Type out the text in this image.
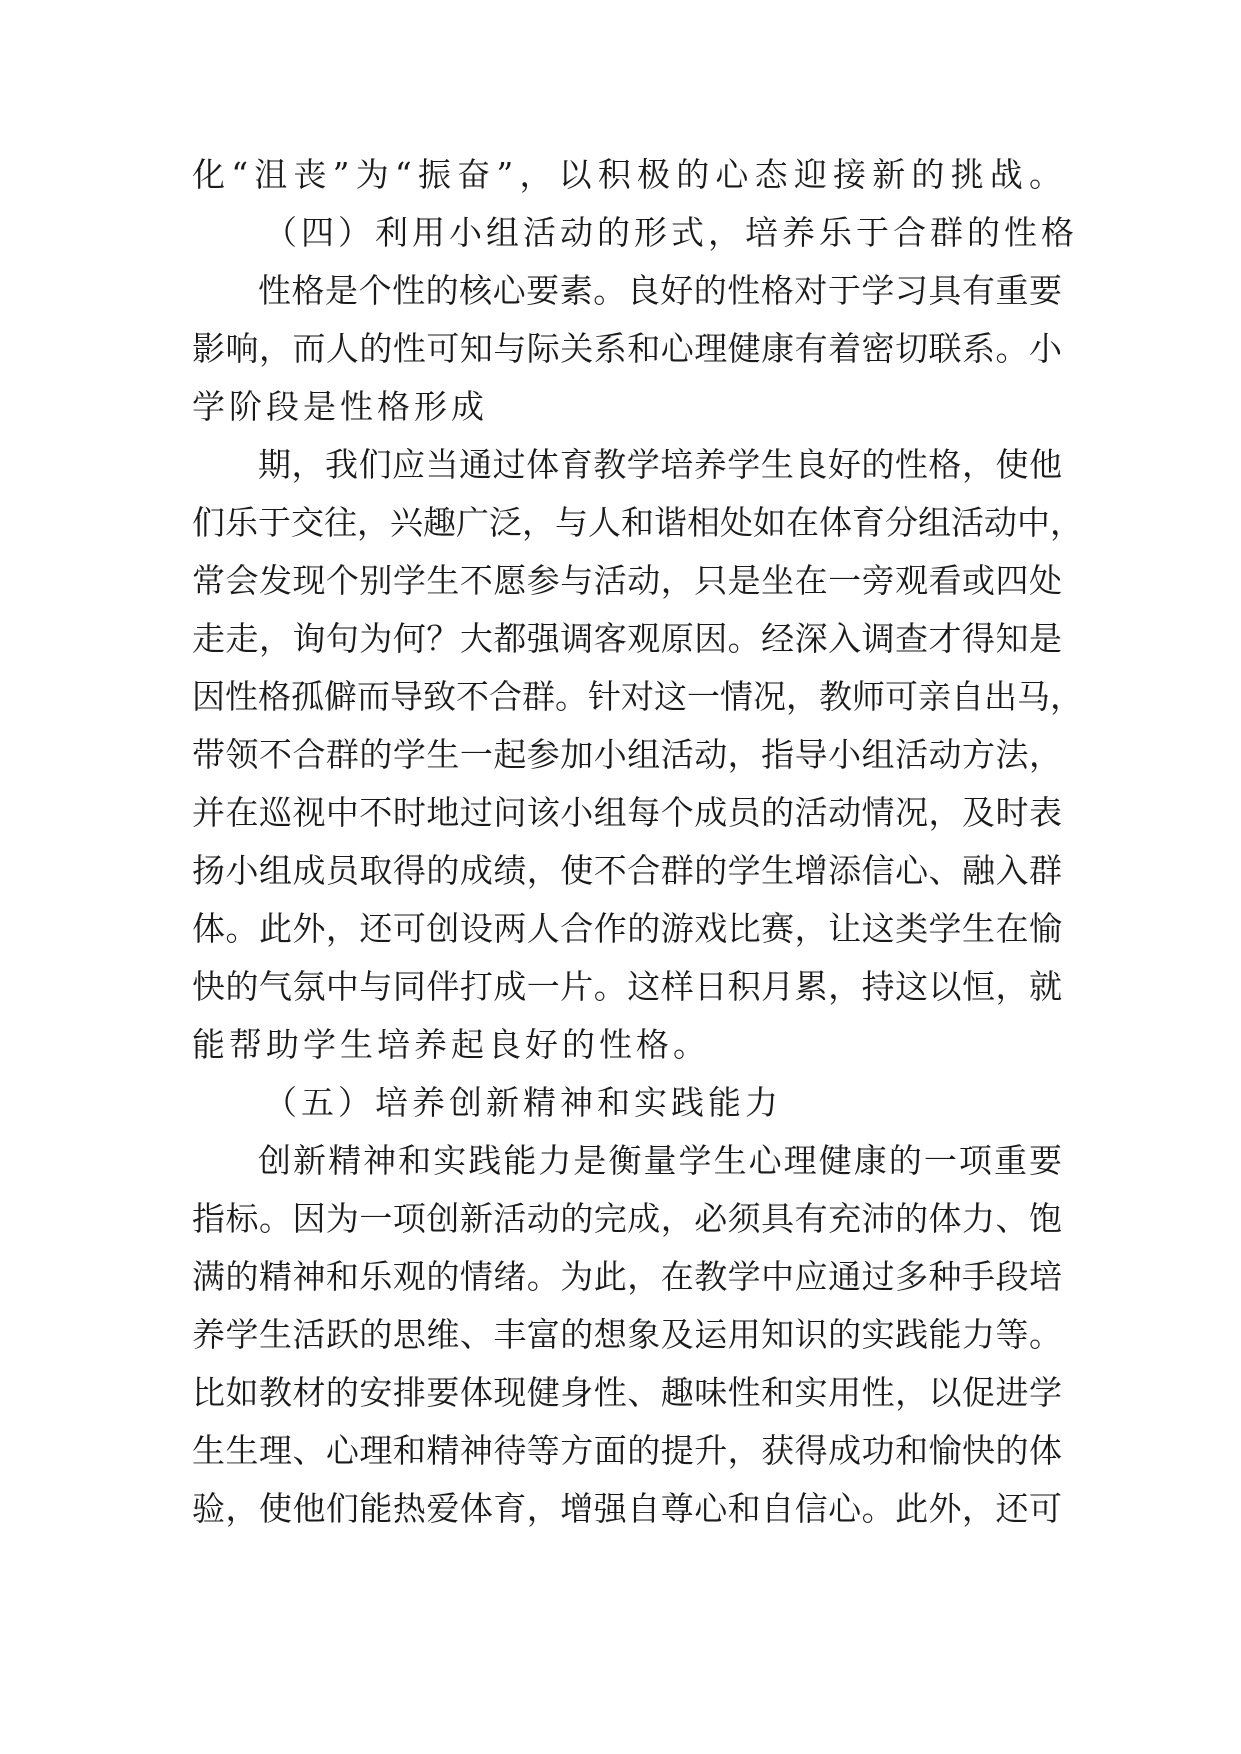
化“沮丧”为“振奋”，以积极的心态迎接新的挑战。
（四）利用小组活动的形式，培养乐于合群的性格
性格是个性的核心要素。良好的性格对于学习具有重要
影响，而人的性可知与际关系和心理健康有着密切联系。小
学阶段是性格形成
期，我们应当通过体育教学培养学生良好的性格，使他
们乐于交往，兴趣广泛，与人和谐相处如在体育分组活动中，
常会发现个别学生不愿参与活动，只是坐在一旁观看或四处
走走，询句为何？大都强调客观原因。经深入调查才得知是
因性格孤僻而导致不合群。针对这一情况，教师可亲自出马，
带领不合群的学生一起参加小组活动，指导小组活动方法，
并在巡视中不时地过问该小组每个成员的活动情况，及时表
扬小组成员取得的成绩，使不合群的学生增添信心、融入群
体。此外，还可创设两人合作的游戏比赛，让这类学生在愉
快的气氛中与同伴打成一片。这样日积月累，持这以恒，就
能帮助学生培养起良好的性格。
（五）培养创新精神和实践能力
创新精神和实践能力是衡量学生心理健康的一项重要
指标。因为一项创新活动的完成，必须具有充沛的体力、饱
满的精神和乐观的情绪。为此，在教学中应通过多种手段培
养学生活跃的思维、丰富的想象及运用知识的实践能力等。
比如教材的安排要体现健身性、趣味性和实用性，以促进学
生生理、心理和精神待等方面的提升，获得成功和愉快的体
验，使他们能热爱体育，增强自尊心和自信心。此外，还可
